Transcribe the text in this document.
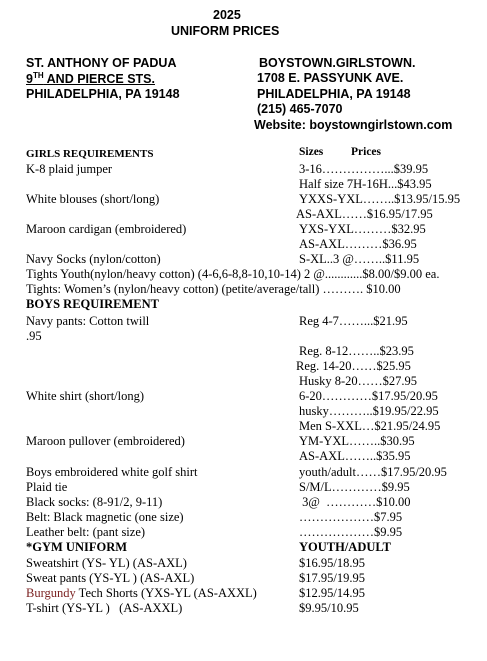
2025
UNIFORM PRICES
ST. ANTHONY OF PADUA
9TH AND PIERCE STS.
PHILADELPHIA, PA 19148
BOYSTOWN.GIRLSTOWN.
1708 E. PASSYUNK AVE.
PHILADELPHIA, PA 19148
(215) 465-7070
Website: boystowngirlstown.com
GIRLS REQUIREMENTS	Sizes Prices
K-8 plaid jumper	3-16……………...$39.95
Half size 7H-16H...$43.95
White blouses (short/long)	YXXS-YXL……..$13.95/15.95
AS-AXL……$16.95/17.95
Maroon cardigan (embroidered)	YXS-YXL………$32.95
AS-AXL………$36.95
Navy Socks (nylon/cotton)	S-XL..3 @……..$11.95
Tights Youth(nylon/heavy cotton) (4-6,6-8,8-10,10-14) 2 @............$8.00/$9.00 ea.
Tights: Women’s (nylon/heavy cotton) (petite/average/tall) ………. $10.00
BOYS REQUIREMENT
Navy pants: Cotton twill	Reg 4-7……...$21.95
.95
Reg. 8-12……..$23.95
Reg. 14-20……$25.95
Husky 8-20……$27.95
White shirt (short/long)	6-20…………$17.95/20.95
husky………..$19.95/22.95
Men S-XXL…$21.95/24.95
Maroon pullover (embroidered)	YM-YXL……..$30.95
AS-AXL……..$35.95
Boys embroidered white golf shirt	youth/adult……$17.95/20.95
Plaid tie	S/M/L…………$9.95
Black socks: (8-91/2, 9-11)	3@  …………$10.00
Belt: Black magnetic (one size)	………………$7.95
Leather belt: (pant size)	………………$9.95
*GYM UNIFORM	YOUTH/ADULT
Sweatshirt (YS- YL) (AS-AXL)	$16.95/18.95
Sweat pants (YS-YL ) (AS-AXL)	$17.95/19.95
Burgundy Tech Shorts (YXS-YL (AS-AXXL)	$12.95/14.95
T-shirt (YS-YL )   (AS-AXXL)	$9.95/10.95
